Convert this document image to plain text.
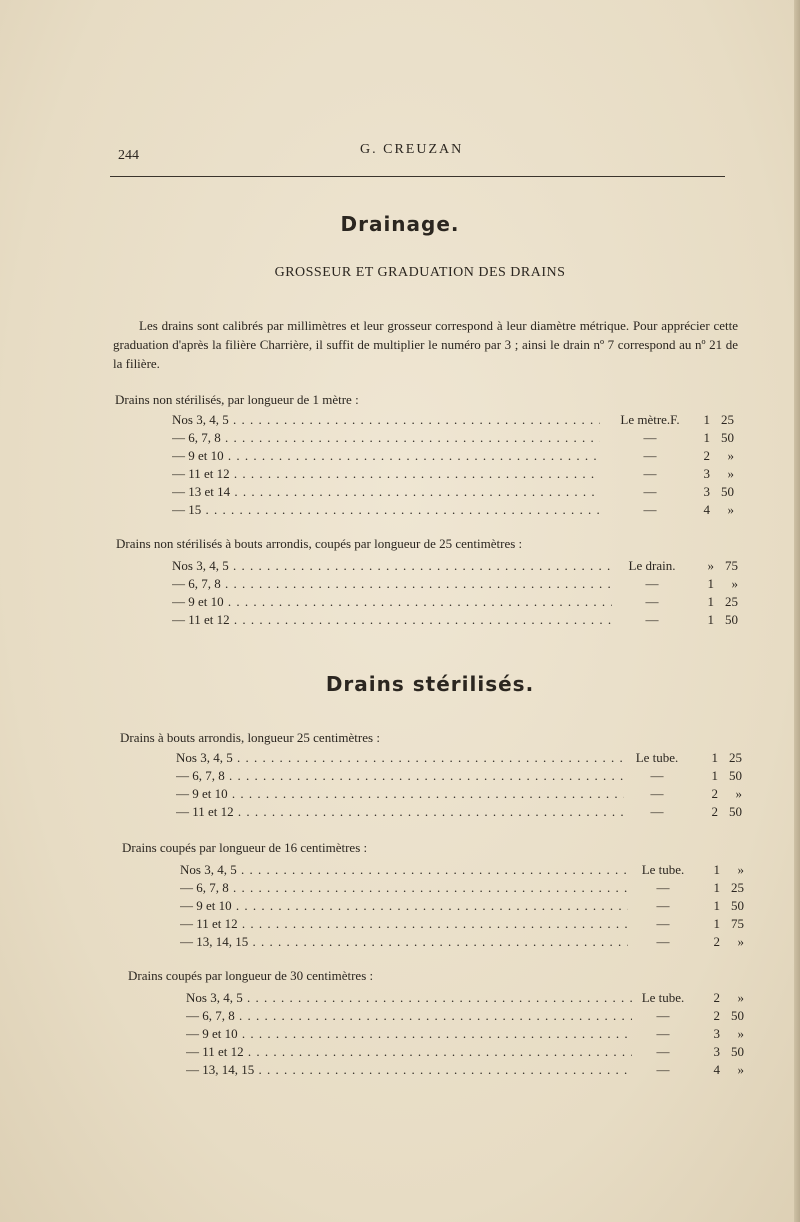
244	G. CREUZAN
Drainage.
GROSSEUR ET GRADUATION DES DRAINS

Les drains sont calibrés par millimètres et leur grosseur correspond à leur diamètre métrique. Pour apprécier cette graduation d'après la filière Charrière, il suffit de multiplier le numéro par 3 ; ainsi le drain nº 7 correspond au nº 21 de la filière.

Drains non stérilisés, par longueur de 1 mètre :
Nos 3, 4, 5 . . .	Le mètre.F.	1 25
— 6, 7, 8 . . .	—	1 50
— 9 et 10 . . .	—	2 »
— 11 et 12 . . .	—	3 »
— 13 et 14 . . .	—	3 50
— 15 . . .	—	4 »
Drains non stérilisés à bouts arrondis, coupés par longueur de 25 centimètres :
Nos 3, 4, 5 . . .	Le drain.	» 75
— 6, 7, 8 . . .	—	1 »
— 9 et 10 . . .	—	1 25
— 11 et 12 . . .	—	1 50
Drains stérilisés.
Drains à bouts arrondis, longueur 25 centimètres :
Nos 3, 4, 5 . . .	Le tube.	1 25
— 6, 7, 8 . . .	—	1 50
— 9 et 10 . . .	—	2 »
— 11 et 12 . . .	—	2 50
Drains coupés par longueur de 16 centimètres :
Nos 3, 4, 5 . . .	Le tube.	1 »
— 6, 7, 8 . . .	—	1 25
— 9 et 10 . . .	—	1 50
— 11 et 12 . . .	—	1 75
— 13, 14, 15 . . .	—	2 »
Drains coupés par longueur de 30 centimètres :
Nos 3, 4, 5 . . .	Le tube.	2 »
— 6, 7, 8 . . .	—	2 50
— 9 et 10 . . .	—	3 »
— 11 et 12 . . .	—	3 50
— 13, 14, 15 . . .	—	4 »
